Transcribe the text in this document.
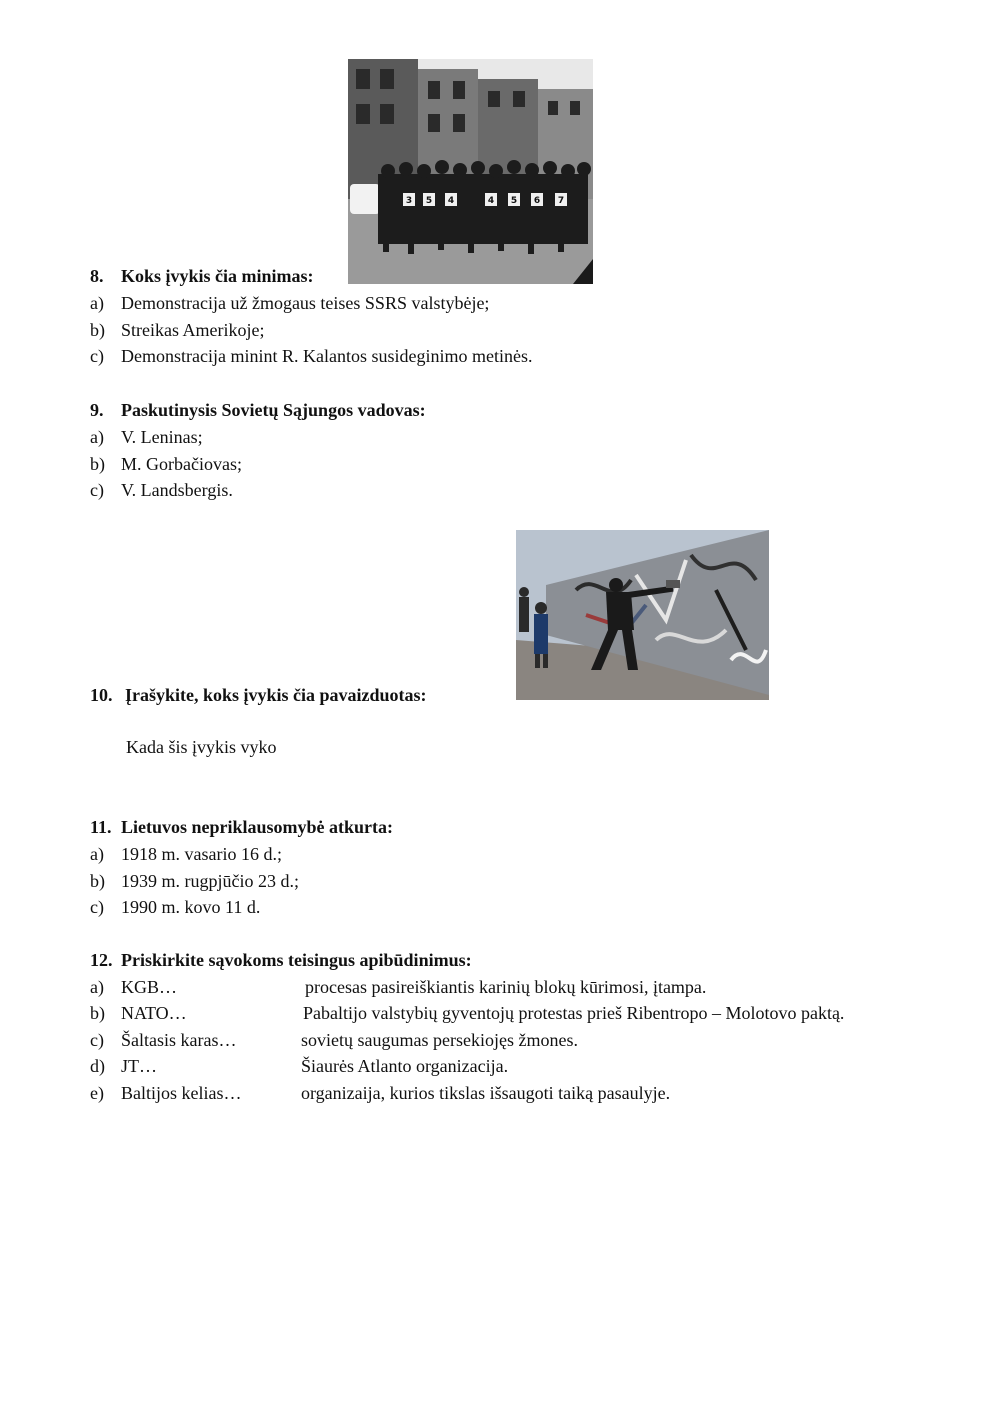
3 5 4	4 5 6 7
8. Koks įvykis čia minimas:
a) Demonstracija už žmogaus teises SSRS valstybėje;
b) Streikas Amerikoje;
c) Demonstracija minint R. Kalantos susideginimo metinės.
9. Paskutinysis Sovietų Sąjungos vadovas:
a) V. Leninas;
b) M. Gorbačiovas;
c) V. Landsbergis.
10. Įrašykite, koks įvykis čia pavaizduotas:
Kada šis įvykis vyko
11. Lietuvos nepriklausomybė atkurta:
a) 1918 m. vasario 16 d.;
b) 1939 m. rugpjūčio 23 d.;
c) 1990 m. kovo 11 d.
12. Priskirkite sąvokoms teisingus apibūdinimus:
a) KGB…	procesas pasireiškiantis karinių blokų kūrimosi, įtampa.
b) NATO…	Pabaltijo valstybių gyventojų protestas prieš Ribentropo – Molotovo paktą.
c) Šaltasis karas…	sovietų saugumas persekiojęs žmones.
d) JT…	Šiaurės Atlanto organizacija.
e) Baltijos kelias…	organizaija, kurios tikslas išsaugoti taiką pasaulyje.
